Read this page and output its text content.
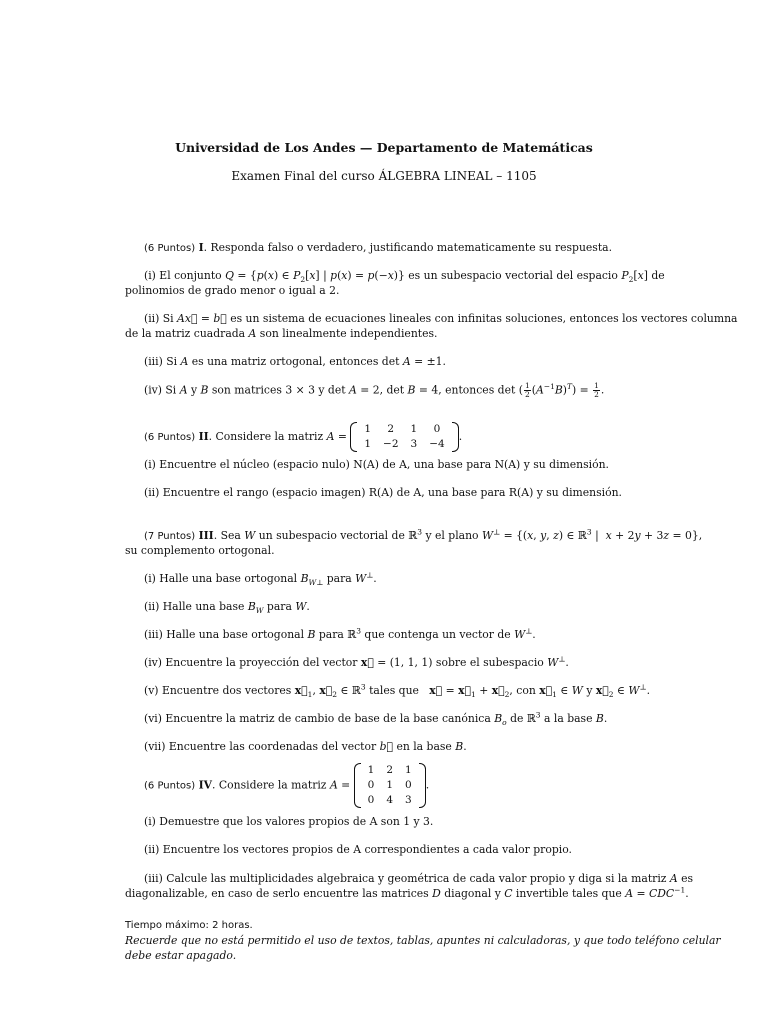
Universidad de Los Andes — Departamento de Matemáticas
Examen Final del curso ÁLGEBRA LINEAL – 1105
(6 Puntos) I. Responda falso o verdadero, justificando matematicamente su respuesta.
(i) El conjunto Q = {p(x) ∈ $P_2[x]$ | p(x) = p(−x)} es un subespacio vectorial del espacio $P_2[x]$ de
polinomios de grado menor o igual a 2.
(ii) Si Ax⃗ = b⃗ es un sistema de ecuaciones lineales con infinitas soluciones, entonces los vectores columna
de la matriz cuadrada A son linealmente independientes.
(iii) Si A es una matriz ortogonal, entonces det A = ±1.
(iv) Si A y B son matrices 3 × 3 y det A = 2, det B = 4, entonces det ( $\frac{1}{2} (A^{-1}B)^T) = \frac{1}{2}$ .
(6 Puntos) II. Considere la matriz A =
1	2	1	0
1	−2	3	−4
.
(i) Encuentre el núcleo (espacio nulo) N(A) de A, una base para N(A) y su dimensión.
(ii) Encuentre el rango (espacio imagen) R(A) de A, una base para R(A) y su dimensión.
(7 Puntos) III. Sea W un subespacio vectorial de ℝ$^3$ y el plano W⊥ = {(x, y, z) ∈ ℝ$^3$ |  x + 2y + 3z = 0},
su complemento ortogonal.
(i) Halle una base ortogonal $B_{W\perp}$ para W⊥.
(ii) Halle una base $B_W$ para W.
(iii) Halle una base ortogonal B para ℝ$^3$ que contenga un vector de W⊥.
(iv) Encuentre la proyección del vector x⃗ = (1, 1, 1) sobre el subespacio W⊥.
(v) Encuentre dos vectores $x⃗_1$, $x⃗_2$ ∈ ℝ$^3$ tales que   x⃗ = $x⃗_1$ + $x⃗_2$, con $x⃗_1$ ∈ W y $x⃗_2$ ∈ W⊥.
(vi) Encuentre la matriz de cambio de base de la base canónica $B_o$ de ℝ$^3$ a la base B.
(vii) Encuentre las coordenadas del vector b⃗ en la base B.
(6 Puntos) IV. Considere la matriz A =
1	2	1
0	1	0
0	4	3
.
(i) Demuestre que los valores propios de A son 1 y 3.
(ii) Encuentre los vectores propios de A correspondientes a cada valor propio.
(iii) Calcule las multiplicidades algebraica y geométrica de cada valor propio y diga si la matriz A es
diagonalizable, en caso de serlo encuentre las matrices D diagonal y C invertible tales que $A = CDC^{-1}$.
Tiempo máximo: 2 horas.
Recuerde que no está permitido el uso de textos, tablas, apuntes ni calculadoras, y que todo teléfono celular
debe estar apagado.
